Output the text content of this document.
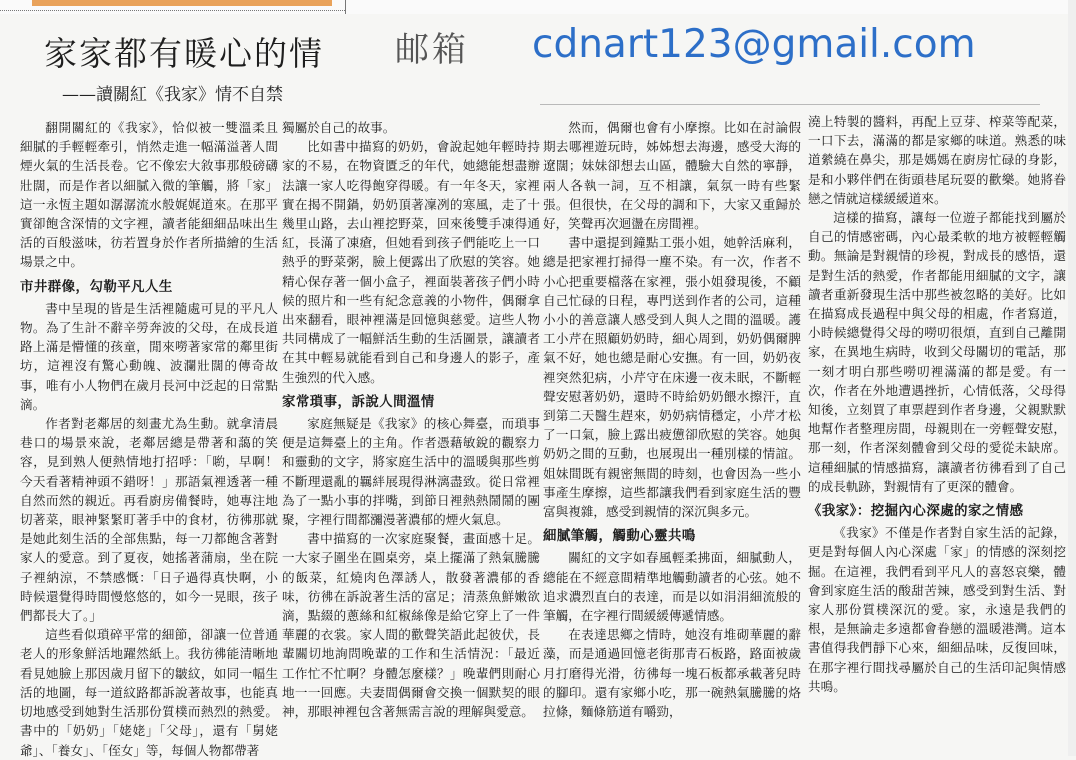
家家都有暖心的情 邮箱 cdnart123@gmail.com
——讀關紅《我家》情不自禁

翻開關紅的《我家》，恰似被一雙溫柔且細膩的手輕輕牽引，悄然走進一幅滿溢著人間煙火氣的生活長卷。它不像宏大敘事那般磅礴壯闊，而是作者以細膩入微的筆觸，將「家」這一永恆主題如潺潺流水般娓娓道來。在那平實卻飽含深情的文字裡，讀者能細細品味出生活的百般滋味，彷若置身於作者所描繪的生活場景之中。

市井群像，勾勒平凡人生

書中呈現的皆是生活裡隨處可見的平凡人物。為了生計不辭辛勞奔波的父母，在成長道路上滿是懵懂的孩童，閒來嘮著家常的鄰里街坊，這裡沒有驚心動魄、波瀾壯闊的傳奇故事，唯有小人物們在歲月長河中泛起的日常點滴。

作者對老鄰居的刻畫尤為生動。就拿清晨巷口的場景來說，老鄰居總是帶著和藹的笑容，見到熟人便熱情地打招呼：「喲，早啊！今天看著精神頭不錯呀！」那語氣裡透著一種自然而然的親近。再看廚房備餐時，她專注地切著菜，眼神緊緊盯著手中的食材，彷彿那就是她此刻生活的全部焦點，每一刀都飽含著對家人的愛意。到了夏夜，她搖著蒲扇，坐在院子裡納涼，不禁感慨：「日子過得真快啊，小時候還覺得時間慢悠悠的，如今一晃眼，孩子們都長大了。」

這些看似瑣碎平常的細節，卻讓一位普通老人的形象鮮活地躍然紙上。我彷彿能清晰地看見她臉上那因歲月留下的皺紋，如同一幅生活的地圖，每一道紋路都訴說著故事，也能真切地感受到她對生活那份質樸而熱烈的熱愛。書中的「奶奶」「姥姥」「父母」，還有「舅姥爺」、「養女」、「侄女」等，每個人物都帶著

獨屬於自己的故事。

比如書中描寫的奶奶，會說起她年輕時持家的不易，在物資匱乏的年代，她總能想盡辦法讓一家人吃得飽穿得暖。有一年冬天，家裡實在揭不開鍋，奶奶頂著凜冽的寒風，走了十幾里山路，去山裡挖野菜，回來後雙手凍得通紅，長滿了凍瘡，但她看到孩子們能吃上一口熱乎的野菜粥，臉上便露出了欣慰的笑容。她精心保存著一個小盒子，裡面裝著孩子們小時候的照片和一些有紀念意義的小物件，偶爾拿出來翻看，眼神裡滿是回憶與慈愛。這些人物共同構成了一幅鮮活生動的生活圖景，讓讀者在其中輕易就能看到自己和身邊人的影子，產生強烈的代入感。

家常瑣事，訴說人間溫情

家庭無疑是《我家》的核心舞臺，而瑣事便是這舞臺上的主角。作者憑藉敏銳的觀察力和靈動的文字，將家庭生活中的溫暖與那些剪不斷理還亂的羈絆展現得淋漓盡致。從日常裡為了一點小事的拌嘴，到節日裡熱熱鬧鬧的團聚，字裡行間都瀰漫著濃郁的煙火氣息。

書中描寫的一次家庭聚餐，畫面感十足。一大家子圍坐在圓桌旁，桌上擺滿了熱氣騰騰的飯菜，紅燒肉色澤誘人，散發著濃郁的香味，彷彿在訴說著生活的富足；清蒸魚鮮嫩欲滴，點綴的蔥絲和紅椒絲像是給它穿上了一件華麗的衣裳。家人間的歡聲笑語此起彼伏，長輩關切地詢問晚輩的工作和生活情況：「最近工作忙不忙啊？身體怎麼樣？」晚輩們則耐心地一一回應。夫妻間偶爾會交換一個默契的眼神，那眼神裡包含著無需言說的理解與愛意。

然而，偶爾也會有小摩擦。比如在討論假期去哪裡遊玩時，姊姊想去海邊，感受大海的遼闊；妹妹卻想去山區，體驗大自然的寧靜，兩人各執一詞，互不相讓，氣氛一時有些緊張。但很快，在父母的調和下，大家又重歸於好，笑聲再次迴盪在房間裡。

書中還提到鐘點工張小姐，她幹活麻利，總是把家裡打掃得一塵不染。有一次，作者不小心把重要檔落在家裡，張小姐發現後，不顧自己忙碌的日程，專門送到作者的公司，這種小小的善意讓人感受到人與人之間的溫暖。護工小芹在照顧奶奶時，細心周到，奶奶偶爾脾氣不好，她也總是耐心安撫。有一回，奶奶夜裡突然犯病，小芹守在床邊一夜未眠，不斷輕聲安慰著奶奶，還時不時給奶奶餵水擦汗，直到第二天醫生趕來，奶奶病情穩定，小芹才松了一口氣，臉上露出疲憊卻欣慰的笑容。她與奶奶之間的互動，也展現出一種別樣的情誼。姐妹間既有親密無間的時刻，也會因為一些小事產生摩擦，這些都讓我們看到家庭生活的豐富與複雜，感受到親情的深沉與多元。

細膩筆觸，觸動心靈共鳴

關紅的文字如春風輕柔拂面，細膩動人，總能在不經意間精準地觸動讀者的心弦。她不追求濃烈直白的表達，而是以如涓涓細流般的筆觸，在字裡行間緩緩傳遞情感。

在表達思鄉之情時，她沒有堆砌華麗的辭藻，而是通過回憶老街那青石板路，路面被歲月打磨得光滑，彷彿每一塊石板都承載著兒時的腳印。還有家鄉小吃，那一碗熱氣騰騰的烙拉條，麵條筋道有嚼勁，

澆上特製的醬料，再配上豆芽、榨菜等配菜，一口下去，滿滿的都是家鄉的味道。熟悉的味道縈繞在鼻尖，那是媽媽在廚房忙碌的身影，是和小夥伴們在街頭巷尾玩耍的歡樂。她將眷戀之情就這樣緩緩道來。

這樣的描寫，讓每一位遊子都能找到屬於自己的情感密碼，內心最柔軟的地方被輕輕觸動。無論是對親情的珍視，對成長的感悟，還是對生活的熱愛，作者都能用細膩的文字，讓讀者重新發現生活中那些被忽略的美好。比如在描寫成長過程中與父母的相處，作者寫道，小時候總覺得父母的嘮叨很煩，直到自己離開家，在異地生病時，收到父母關切的電話，那一刻才明白那些嘮叨裡滿滿的都是愛。有一次，作者在外地遭遇挫折，心情低落，父母得知後，立刻買了車票趕到作者身邊，父親默默地幫作者整理房間，母親則在一旁輕聲安慰，那一刻，作者深刻體會到父母的愛從未缺席。這種細膩的情感描寫，讓讀者彷彿看到了自己的成長軌跡，對親情有了更深的體會。

《我家》：挖掘內心深處的家之情感

《我家》不僅是作者對自家生活的記錄，更是對每個人內心深處「家」的情感的深刻挖掘。在這裡，我們看到平凡人的喜怒哀樂，體會到家庭生活的酸甜苦辣，感受到對生活、對家人那份質樸深沉的愛。家，永遠是我們的根，是無論走多遠都會眷戀的溫暖港灣。這本書值得我們靜下心來，細細品味，反復回味，在那字裡行間找尋屬於自己的生活印記與情感共鳴。
